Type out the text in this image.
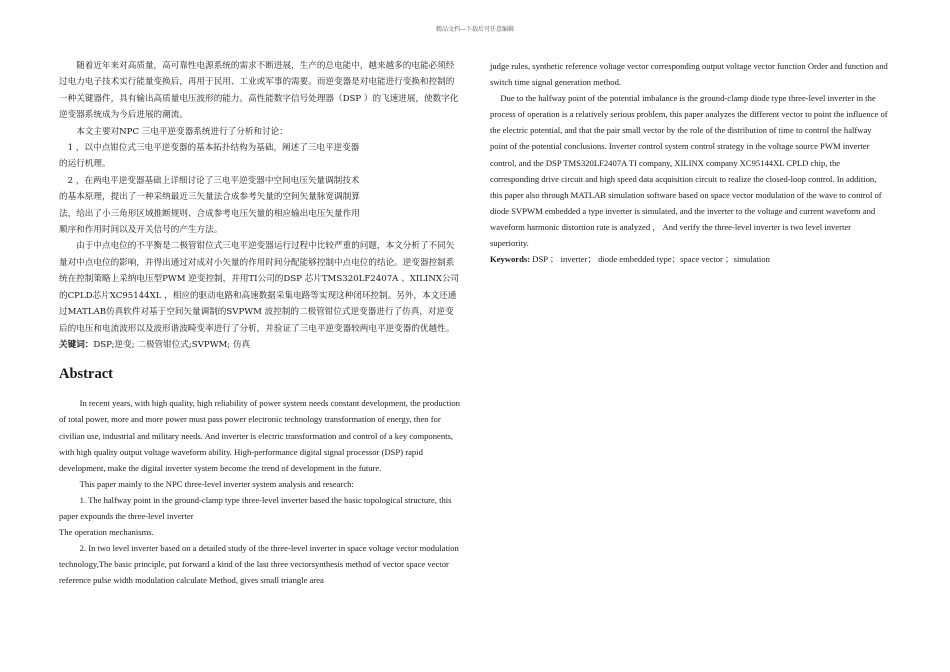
精品文档---下载后可任意编辑

随着近年来对高质量，高可靠性电源系统的需求不断进展，生产的总电能中，越来越多的电能必须经过电力电子技术实行能量变换后，再用于民用、工业或军事的需要。而逆变器是对电能进行变换和控制的一种关键器件，具有输出高质量电压波形的能力。高性能数字信号处理器（DSP ）的飞速进展，使数字化逆变器系统成为今后进展的潮流。

本文主要对NPC 三电平逆变器系统进行了分析和讨论：

1 ，以中点钳位式三电平逆变器的基本拓扑结构为基础，阐述了三电平逆变器

的运行机理。

2 ，在两电平逆变器基础上详细讨论了三电平逆变器中空间电压矢量调制技术

的基本原理，提出了一种采纳最近三矢量法合成参考矢量的空间矢量脉宽调制算

法，给出了小三角形区域推断规则、合成参考电压矢量的相应输出电压矢量作用

顺序和作用时间以及开关信号的产生方法。

由于中点电位的不平衡是二极管钳位式三电平逆变器运行过程中比较严重的问题，本文分析了不同矢量对中点电位的影响，并得出通过对成对小矢量的作用时间分配能够控制中点电位的结论。逆变器控制系统在控制策略上采纳电压型PWM 逆变控制，并用TI公司的DSP 芯片TMS320LF2407A 、XILINX公司的CPLD芯片XC95144XL ，相应的驱动电路和高速数据采集电路等实现这种闭环控制。另外，本文还通过MATLAB仿真软件对基于空间矢量调制的SVPWM 波控制的二极管钳位式逆变器进行了仿真，对逆变后的电压和电流波形以及波形谐波畸变率进行了分析，并验证了三电平逆变器较两电平逆变器的优越性。

关键词：DSP;逆变; 二极管钳位式;SVPWM; 仿真

Abstract

In recent years, with high quality, high reliability of power system needs constant development, the production of total power, more and more power must pass power electronic technology transformation of energy, then for civilian use, industrial and military needs. And inverter is electric transformation and control of a key components, with high quality output voltage waveform ability. High-performance digital signal processor (DSP) rapid development, make the digital inverter system become the trend of development in the future.

This paper mainly to the NPC three-level inverter system analysis and research:

1. The halfway point in the ground-clamp type three-level inverter based the basic topological structure, this paper expounds the three-level inverter

The operation mechanisms.

2. In two level inverter based on a detailed study of the three-level inverter in space voltage vector modulation technology,The basic principle, put forward a kind of the last three vectorsynthesis method of vector space vector reference pulse width modulation calculate Method, gives small triangle area

judge rules, synthetic reference voltage vector corresponding output voltage vector function Order and function and switch time signal generation method.

Due to the halfway point of the potential imbalance is the ground-clamp diode type three-level inverter in the process of operation is a relatively serious problem, this paper analyzes the different vector to point the influence of the electric potential, and that the pair small vector by the role of the distribution of time to control the halfway point of the potential conclusions. Inverter control system control strategy in the voltage source PWM inverter control, and the DSP TMS320LF2407A TI company, XILINX company XC95144XL CPLD chip, the corresponding drive circuit and high speed data acquisition circuit to realize the closed-loop control. In addition, this paper also through MATLAB simulation software based on space vector modulation of the wave to control of diode SVPWM embedded a type inverter is simulated, and the inverter to the voltage and current waveform and waveform harmonic distortion rate is analyzed ， And verify the three-level inverter is two level inverter superiority.

Keywords: DSP ； inverter； diode embedded type；space vector ；simulation
